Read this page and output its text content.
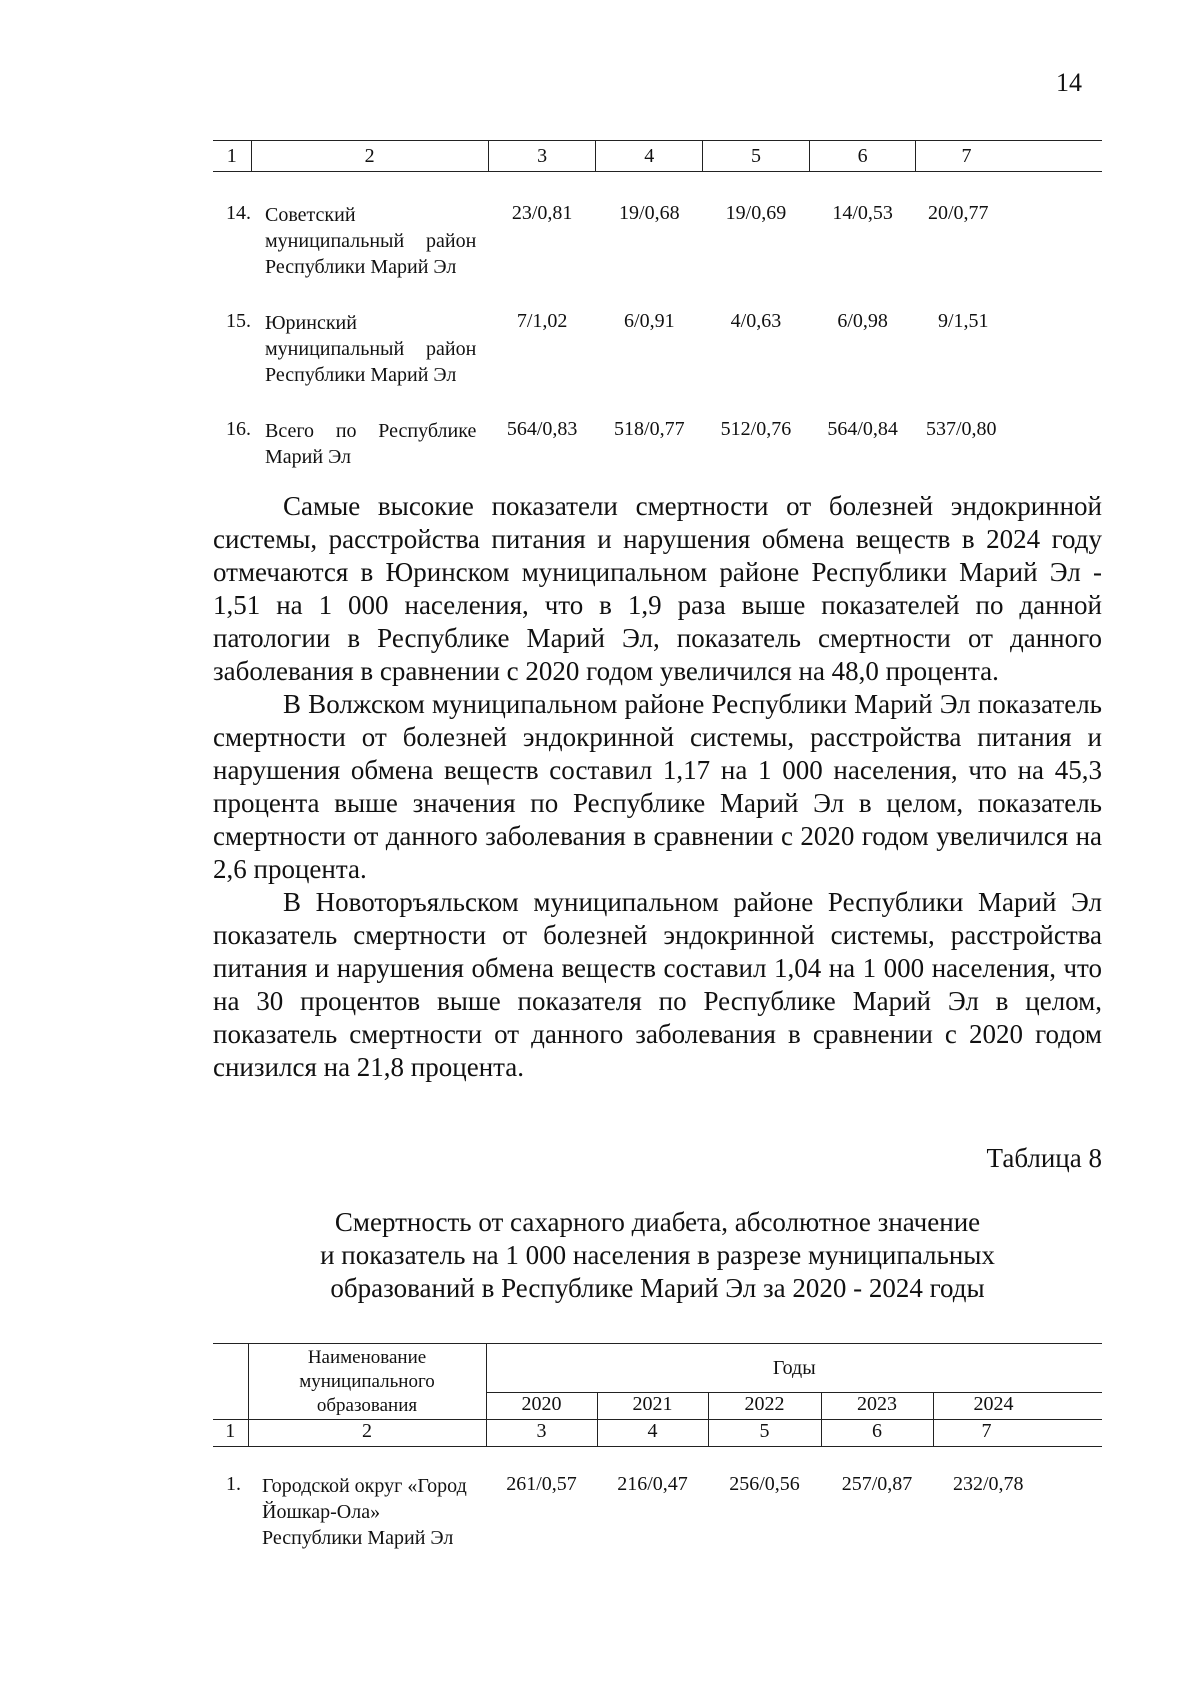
14
1	2	3	4	5	6	7
14.	Советский
муниципальный район
Республики Марий Эл	23/0,81	19/0,68	19/0,69	14/0,53	20/0,77
15.	Юринский
муниципальный район
Республики Марий Эл	7/1,02	6/0,91	4/0,63	6/0,98	9/1,51
16.	Всего по Республике
Марий Эл	564/0,83	518/0,77	512/0,76	564/0,84	537/0,80

Самые высокие показатели смертности от болезней эндокринной системы, расстройства питания и нарушения обмена веществ в 2024 году отмечаются в Юринском муниципальном районе Республики Марий Эл - 1,51 на 1 000 населения, что в 1,9 раза выше показателей по данной патологии в Республике Марий Эл, показатель смертности от данного заболевания в сравнении с 2020 годом увеличился на 48,0 процента.

В Волжском муниципальном районе Республики Марий Эл показатель смертности от болезней эндокринной системы, расстройства питания и нарушения обмена веществ составил 1,17 на 1 000 населения, что на 45,3 процента выше значения по Республике Марий Эл в целом, показатель смертности от данного заболевания в сравнении с 2020 годом увеличился на 2,6 процента.

В Новоторъяльском муниципальном районе Республики Марий Эл показатель смертности от болезней эндокринной системы, расстройства питания и нарушения обмена веществ составил 1,04 на 1 000 населения, что на 30 процентов выше показателя по Республике Марий Эл в целом, показатель смертности от данного заболевания в сравнении с 2020 годом снизился на 21,8 процента.

Таблица 8
Смертность от сахарного диабета, абсолютное значение
и показатель на 1 000 населения в разрезе муниципальных
образований в Республике Марий Эл за 2020 - 2024 годы

	Наименование
муниципального
образования	Годы				
		2020	2021	2022	2023	2024
1	2	3	4	5	6	7
1.	Городской округ «Город
Йошкар-Ола»
Республики Марий Эл	261/0,57	216/0,47	256/0,56	257/0,87	232/0,78
